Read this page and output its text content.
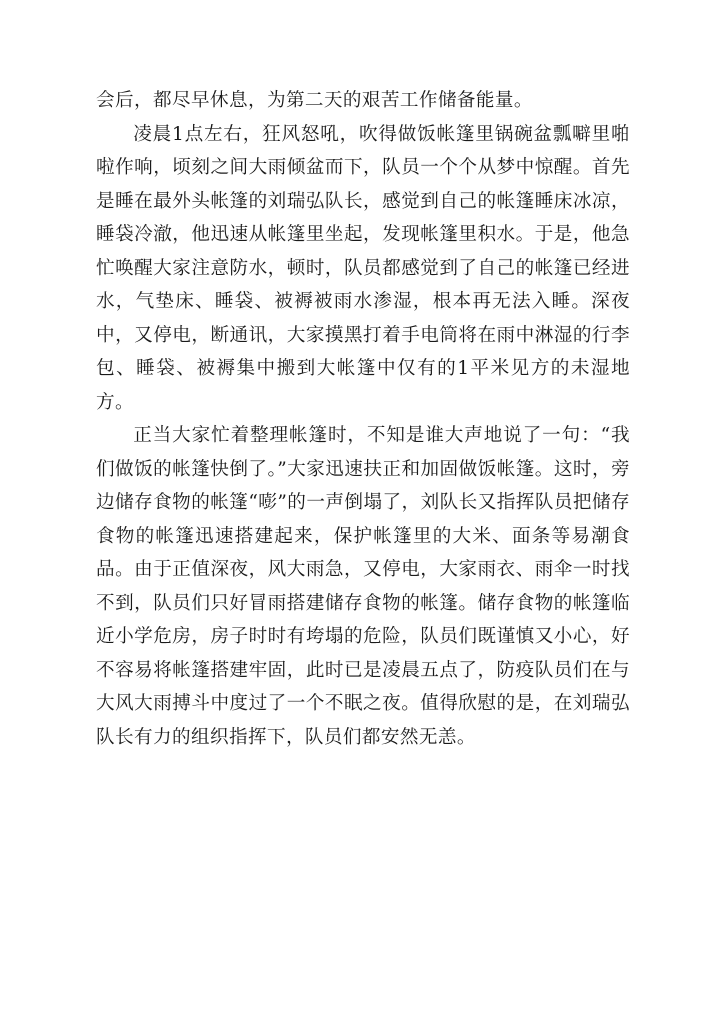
会后，都尽早休息，为第二天的艰苦工作储备能量。

凌晨1点左右，狂风怒吼，吹得做饭帐篷里锅碗盆瓢噼里啪啦作响，顷刻之间大雨倾盆而下，队员一个个从梦中惊醒。首先是睡在最外头帐篷的刘瑞弘队长，感觉到自己的帐篷睡床冰凉，睡袋冷澈，他迅速从帐篷里坐起，发现帐篷里积水。于是，他急忙唤醒大家注意防水，顿时，队员都感觉到了自己的帐篷已经进水，气垫床、睡袋、被褥被雨水渗湿，根本再无法入睡。深夜中，又停电，断通讯，大家摸黑打着手电筒将在雨中淋湿的行李包、睡袋、被褥集中搬到大帐篷中仅有的1平米见方的未湿地方。

正当大家忙着整理帐篷时，不知是谁大声地说了一句：“我们做饭的帐篷快倒了。”大家迅速扶正和加固做饭帐篷。这时，旁边储存食物的帐篷“嘭”的一声倒塌了，刘队长又指挥队员把储存食物的帐篷迅速搭建起来，保护帐篷里的大米、面条等易潮食品。由于正值深夜，风大雨急，又停电，大家雨衣、雨伞一时找不到，队员们只好冒雨搭建储存食物的帐篷。储存食物的帐篷临近小学危房，房子时时有垮塌的危险，队员们既谨慎又小心，好不容易将帐篷搭建牢固，此时已是凌晨五点了，防疫队员们在与大风大雨搏斗中度过了一个不眠之夜。值得欣慰的是，在刘瑞弘队长有力的组织指挥下，队员们都安然无恙。
